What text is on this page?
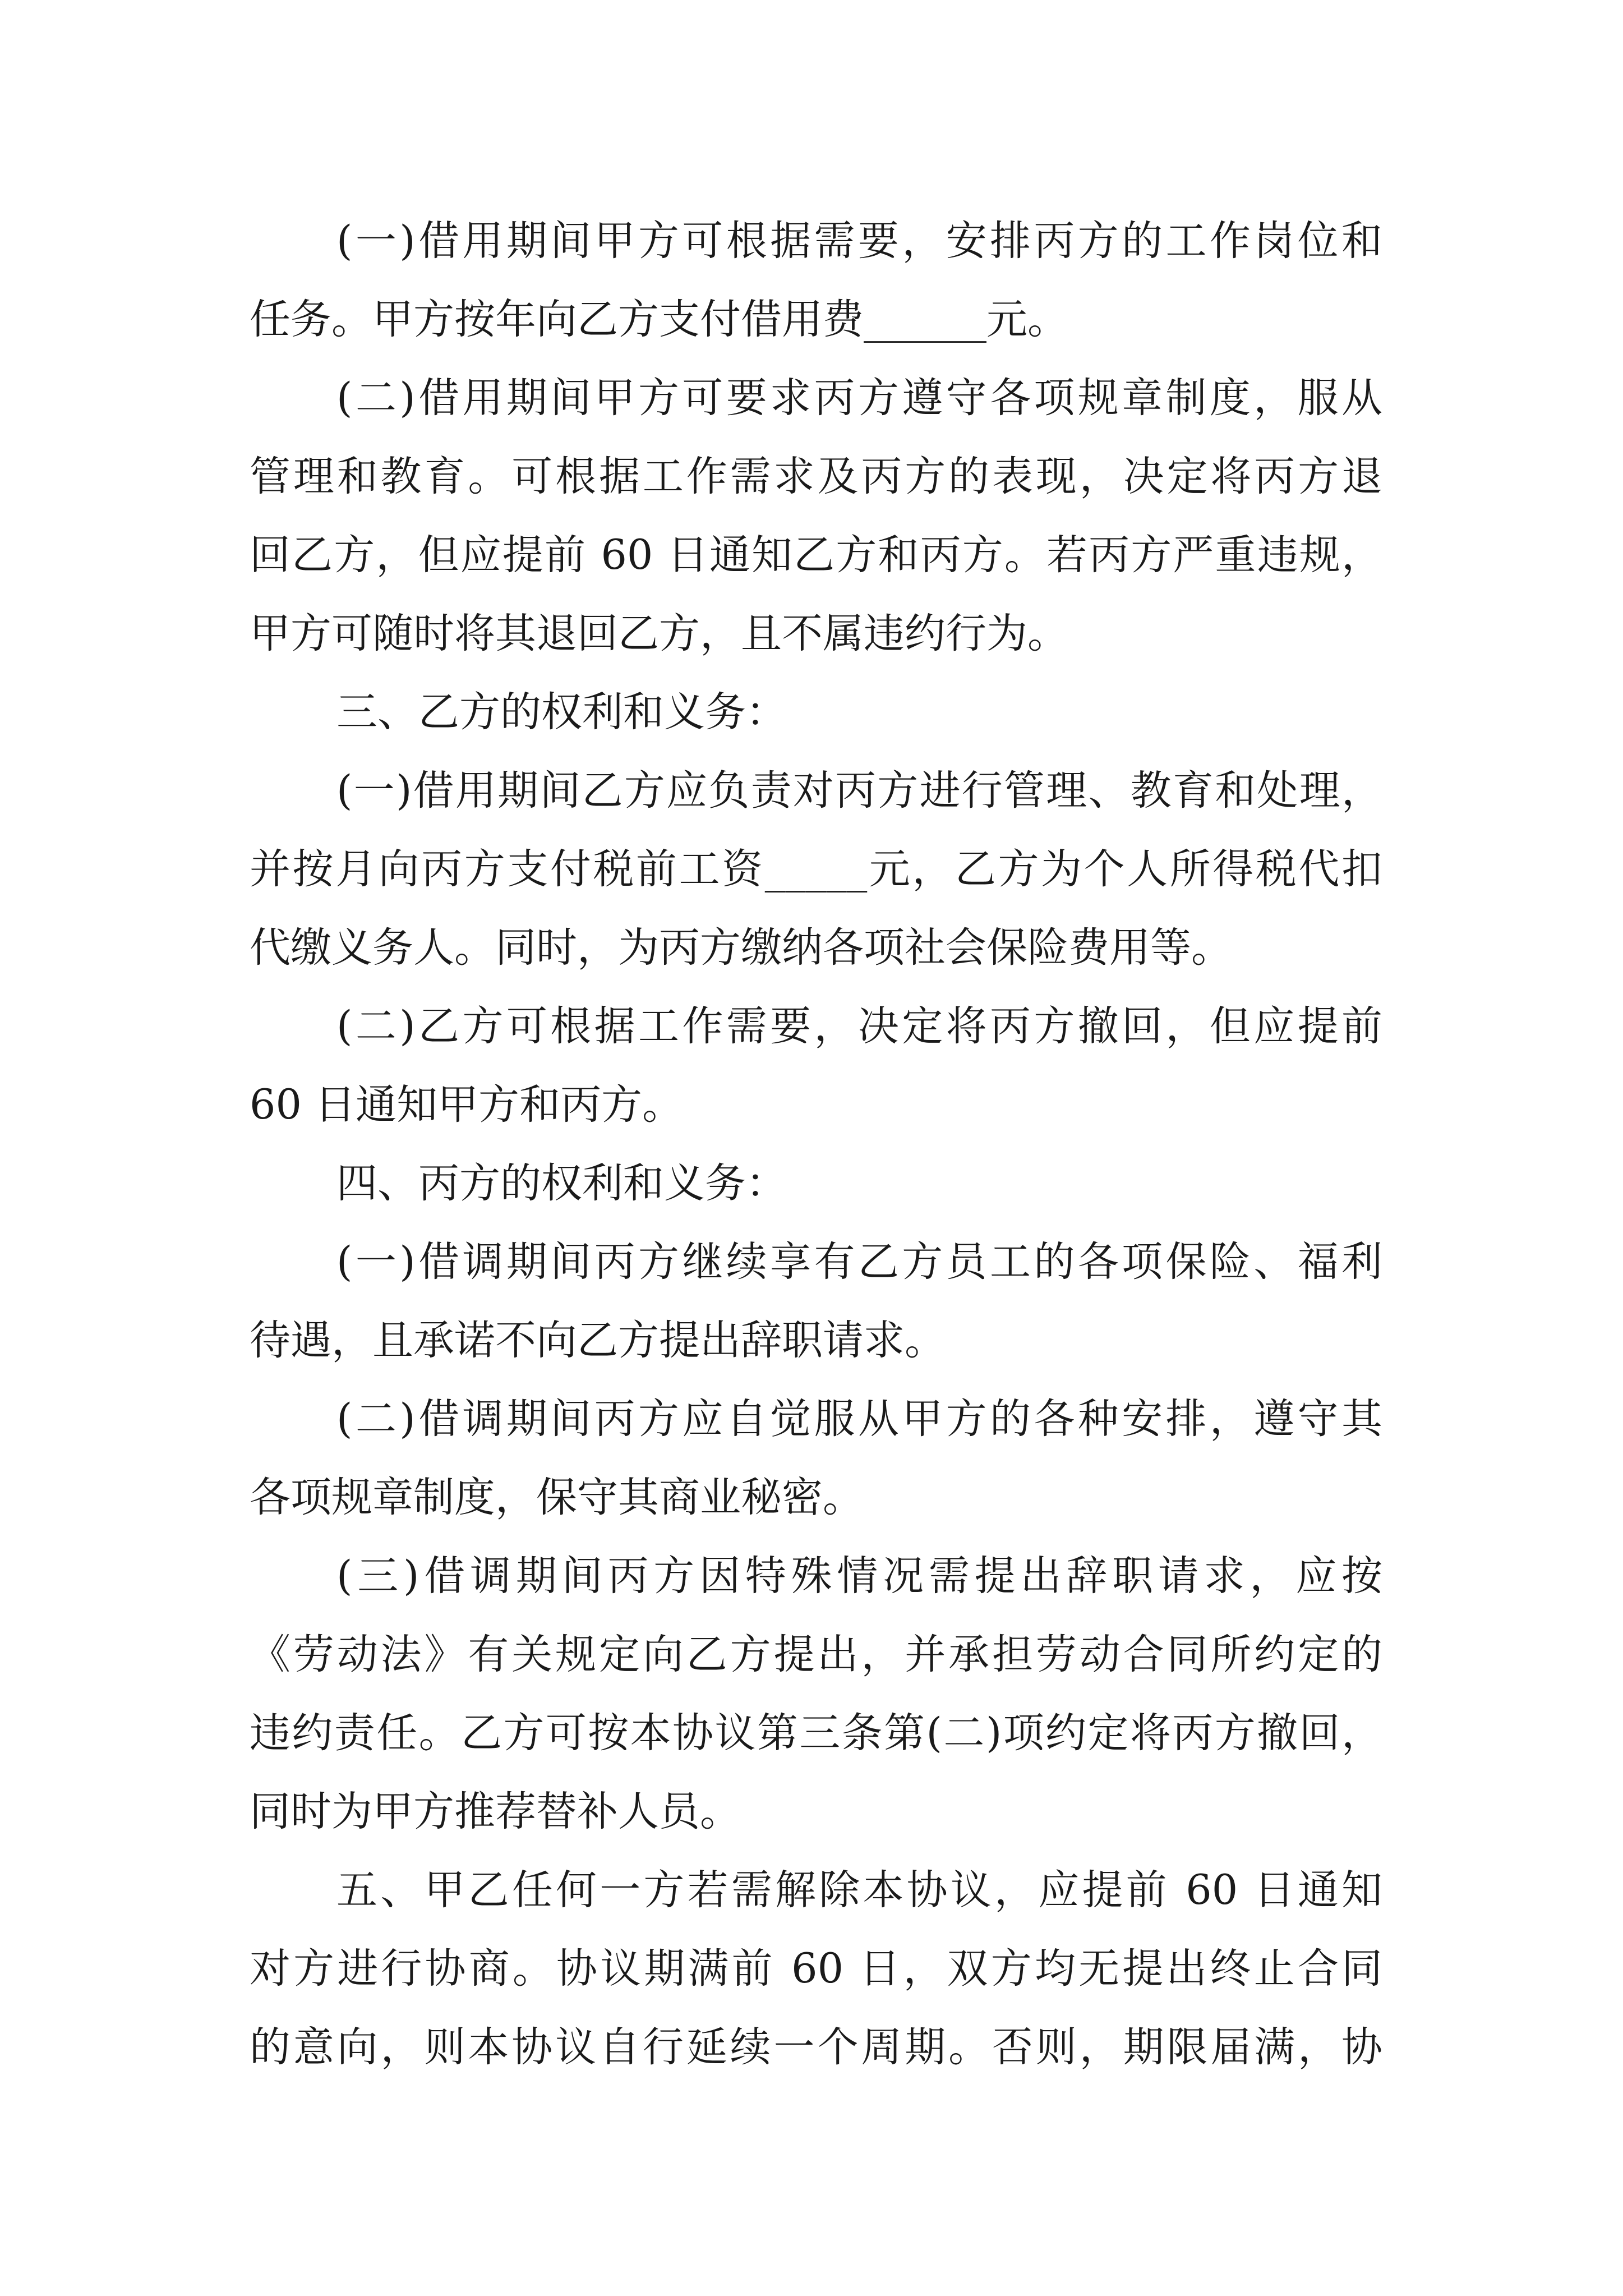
(一)借用期间甲方可根据需要，安排丙方的工作岗位和
任务。甲方按年向乙方支付借用费______元。
(二)借用期间甲方可要求丙方遵守各项规章制度，服从
管理和教育。可根据工作需求及丙方的表现，决定将丙方退
回乙方，但应提前 60 日通知乙方和丙方。若丙方严重违规，
甲方可随时将其退回乙方，且不属违约行为。
三、乙方的权利和义务：
(一)借用期间乙方应负责对丙方进行管理、教育和处理，
并按月向丙方支付税前工资_____元，乙方为个人所得税代扣
代缴义务人。同时，为丙方缴纳各项社会保险费用等。
(二)乙方可根据工作需要，决定将丙方撤回，但应提前
60 日通知甲方和丙方。
四、丙方的权利和义务：
(一)借调期间丙方继续享有乙方员工的各项保险、福利
待遇，且承诺不向乙方提出辞职请求。
(二)借调期间丙方应自觉服从甲方的各种安排，遵守其
各项规章制度，保守其商业秘密。
(三)借调期间丙方因特殊情况需提出辞职请求，应按
《劳动法》有关规定向乙方提出，并承担劳动合同所约定的
违约责任。乙方可按本协议第三条第(二)项约定将丙方撤回，
同时为甲方推荐替补人员。
五、甲乙任何一方若需解除本协议，应提前 60 日通知
对方进行协商。协议期满前 60 日，双方均无提出终止合同
的意向，则本协议自行延续一个周期。否则，期限届满，协
